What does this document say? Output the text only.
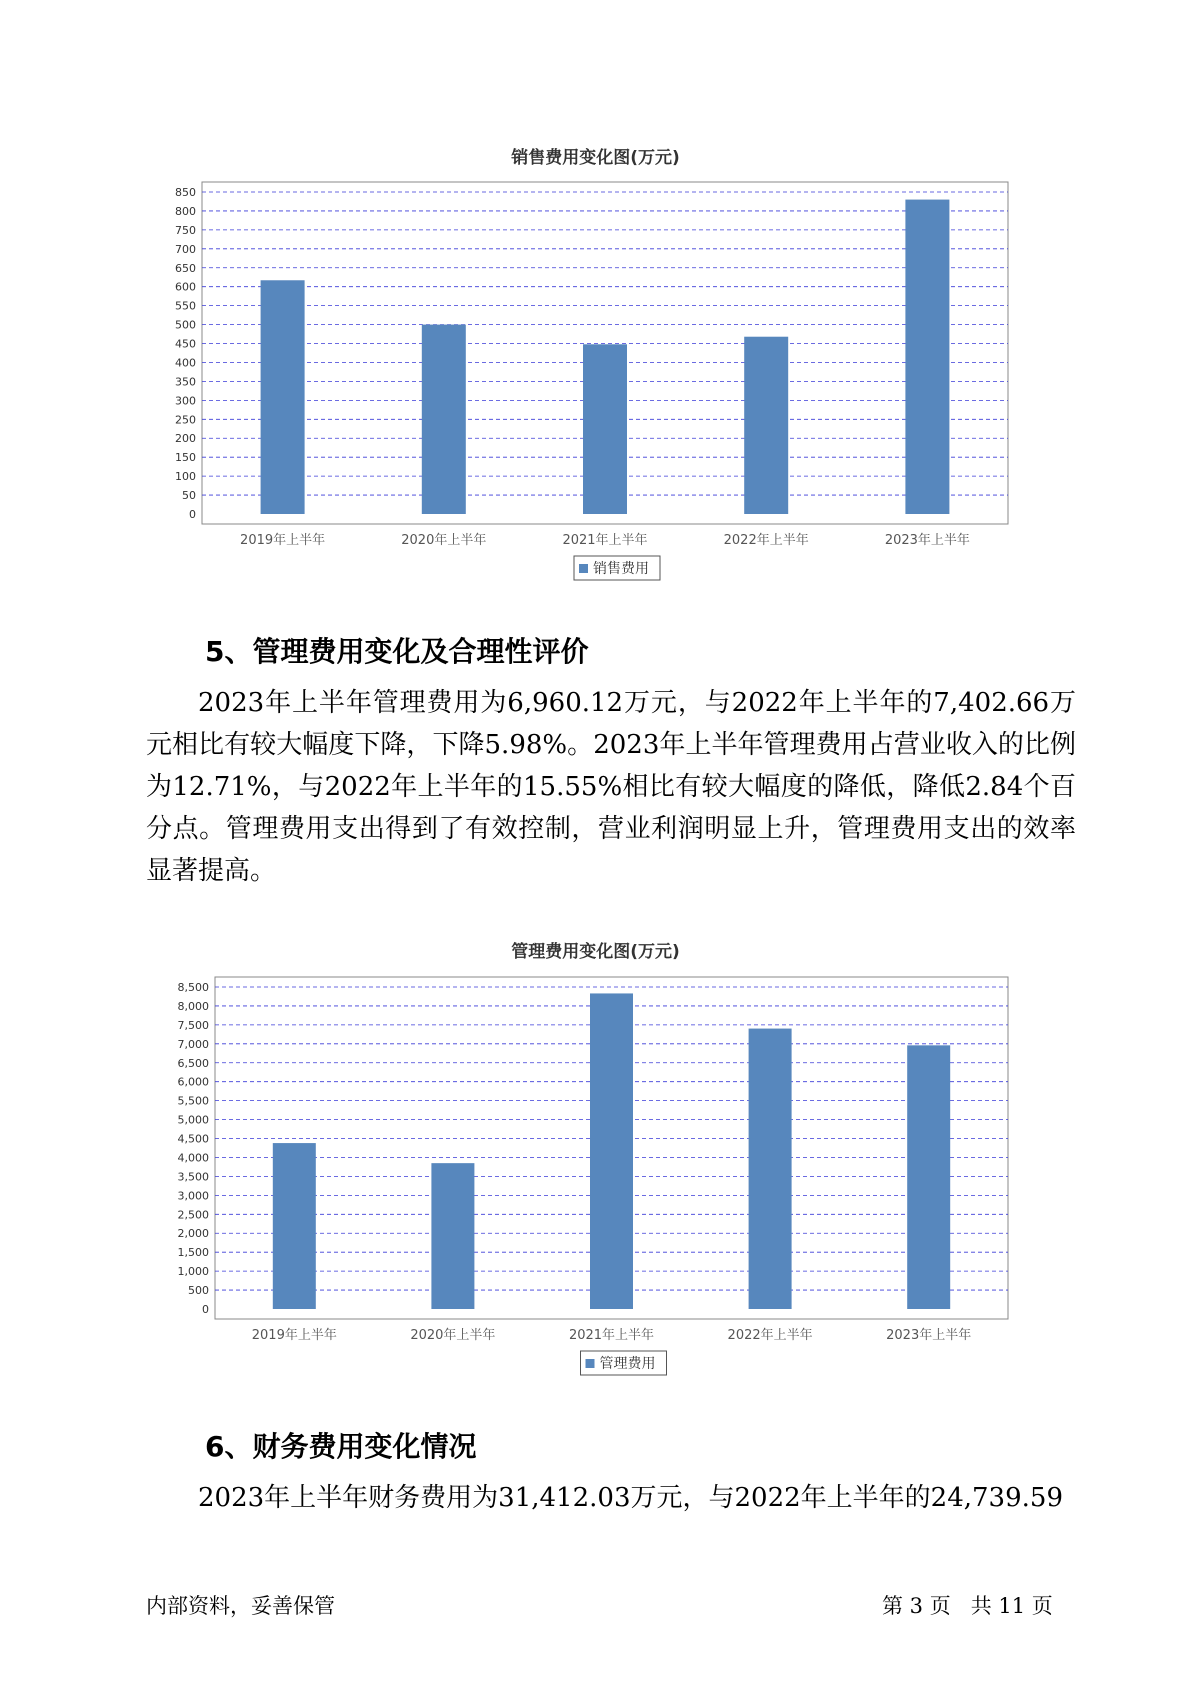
销售费用变化图(万元)
0
50
100
150
200
250
300
350
400
450
500
550
600
650
700
750
800
850
2019年上半年	2020年上半年	2021年上半年	2022年上半年	2023年上半年
销售费用
5、管理费用变化及合理性评价
2023年上半年管理费用为6,960.12万元，与2022年上半年的7,402.66万元相比有较大幅度下降，下降5.98%。2023年上半年管理费用占营业收入的比例为12.71%，与2022年上半年的15.55%相比有较大幅度的降低，降低2.84个百分点。管理费用支出得到了有效控制，营业利润明显上升，管理费用支出的效率显著提高。
管理费用变化图(万元)
0
500
1,000
1,500
2,000
2,500
3,000
3,500
4,000
4,500
5,000
5,500
6,000
6,500
7,000
7,500
8,000
8,500
2019年上半年	2020年上半年	2021年上半年	2022年上半年	2023年上半年
管理费用
6、财务费用变化情况
2023年上半年财务费用为31,412.03万元，与2022年上半年的24,739.59
内部资料，妥善保管	第 3 页   共 11 页
